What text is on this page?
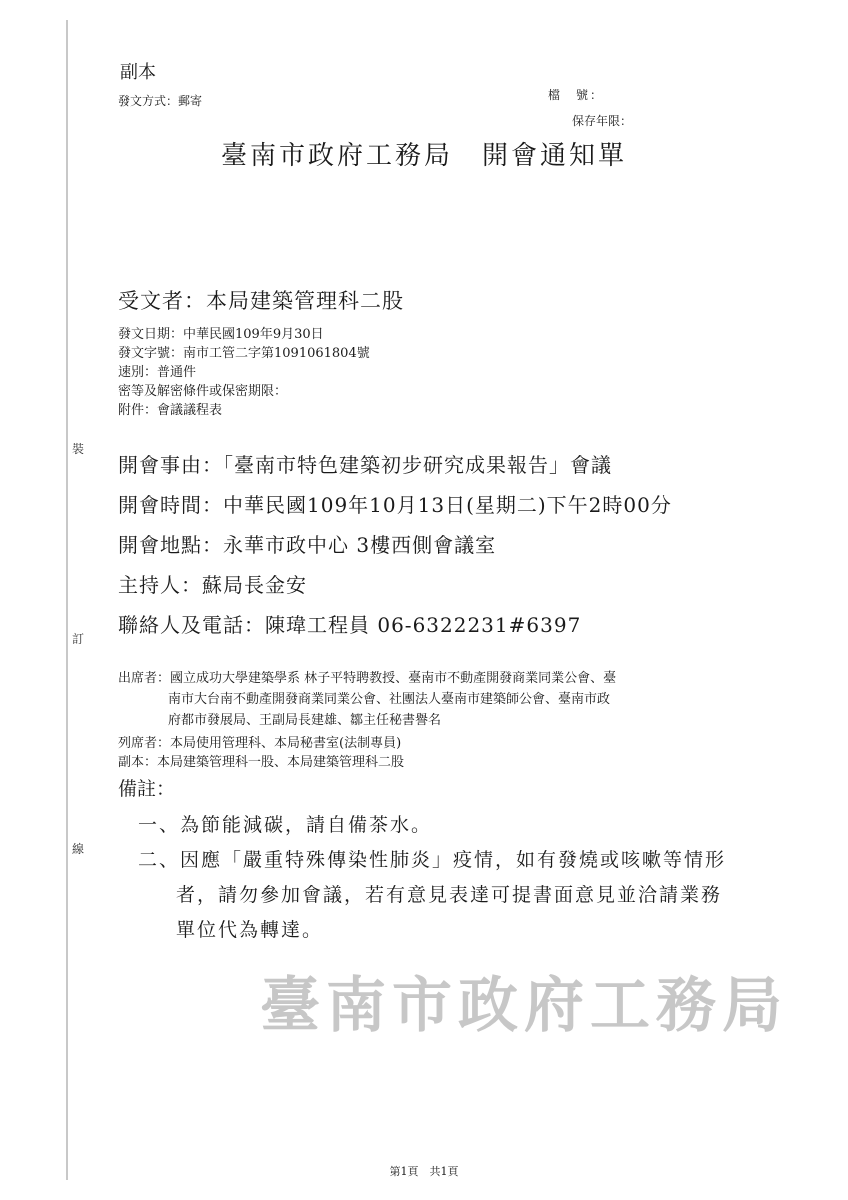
裝
訂
線
副本
發文方式：郵寄	檔　號：
保存年限：
臺南市政府工務局　開會通知單
受文者：本局建築管理科二股
發文日期：中華民國109年9月30日
發文字號：南市工管二字第1091061804號
速別：普通件
密等及解密條件或保密期限：
附件：會議議程表
開會事由：「臺南市特色建築初步研究成果報告」會議
開會時間：中華民國109年10月13日(星期二)下午2時00分
開會地點：永華市政中心 3樓西側會議室
主持人：蘇局長金安
聯絡人及電話：陳瑋工程員 06-6322231#6397
出席者：國立成功大學建築學系 林子平特聘教授、臺南市不動產開發商業同業公會、臺
南市大台南不動產開發商業同業公會、社團法人臺南市建築師公會、臺南市政
府都市發展局、王副局長建雄、鄒主任秘書譽名
列席者：本局使用管理科、本局秘書室(法制專員)
副本：本局建築管理科一股、本局建築管理科二股
備註：
一、為節能減碳，請自備茶水。
二、因應「嚴重特殊傳染性肺炎」疫情，如有發燒或咳嗽等情形
者，請勿參加會議，若有意見表達可提書面意見並洽請業務
單位代為轉達。
臺南市政府工務局
第1頁　共1頁
